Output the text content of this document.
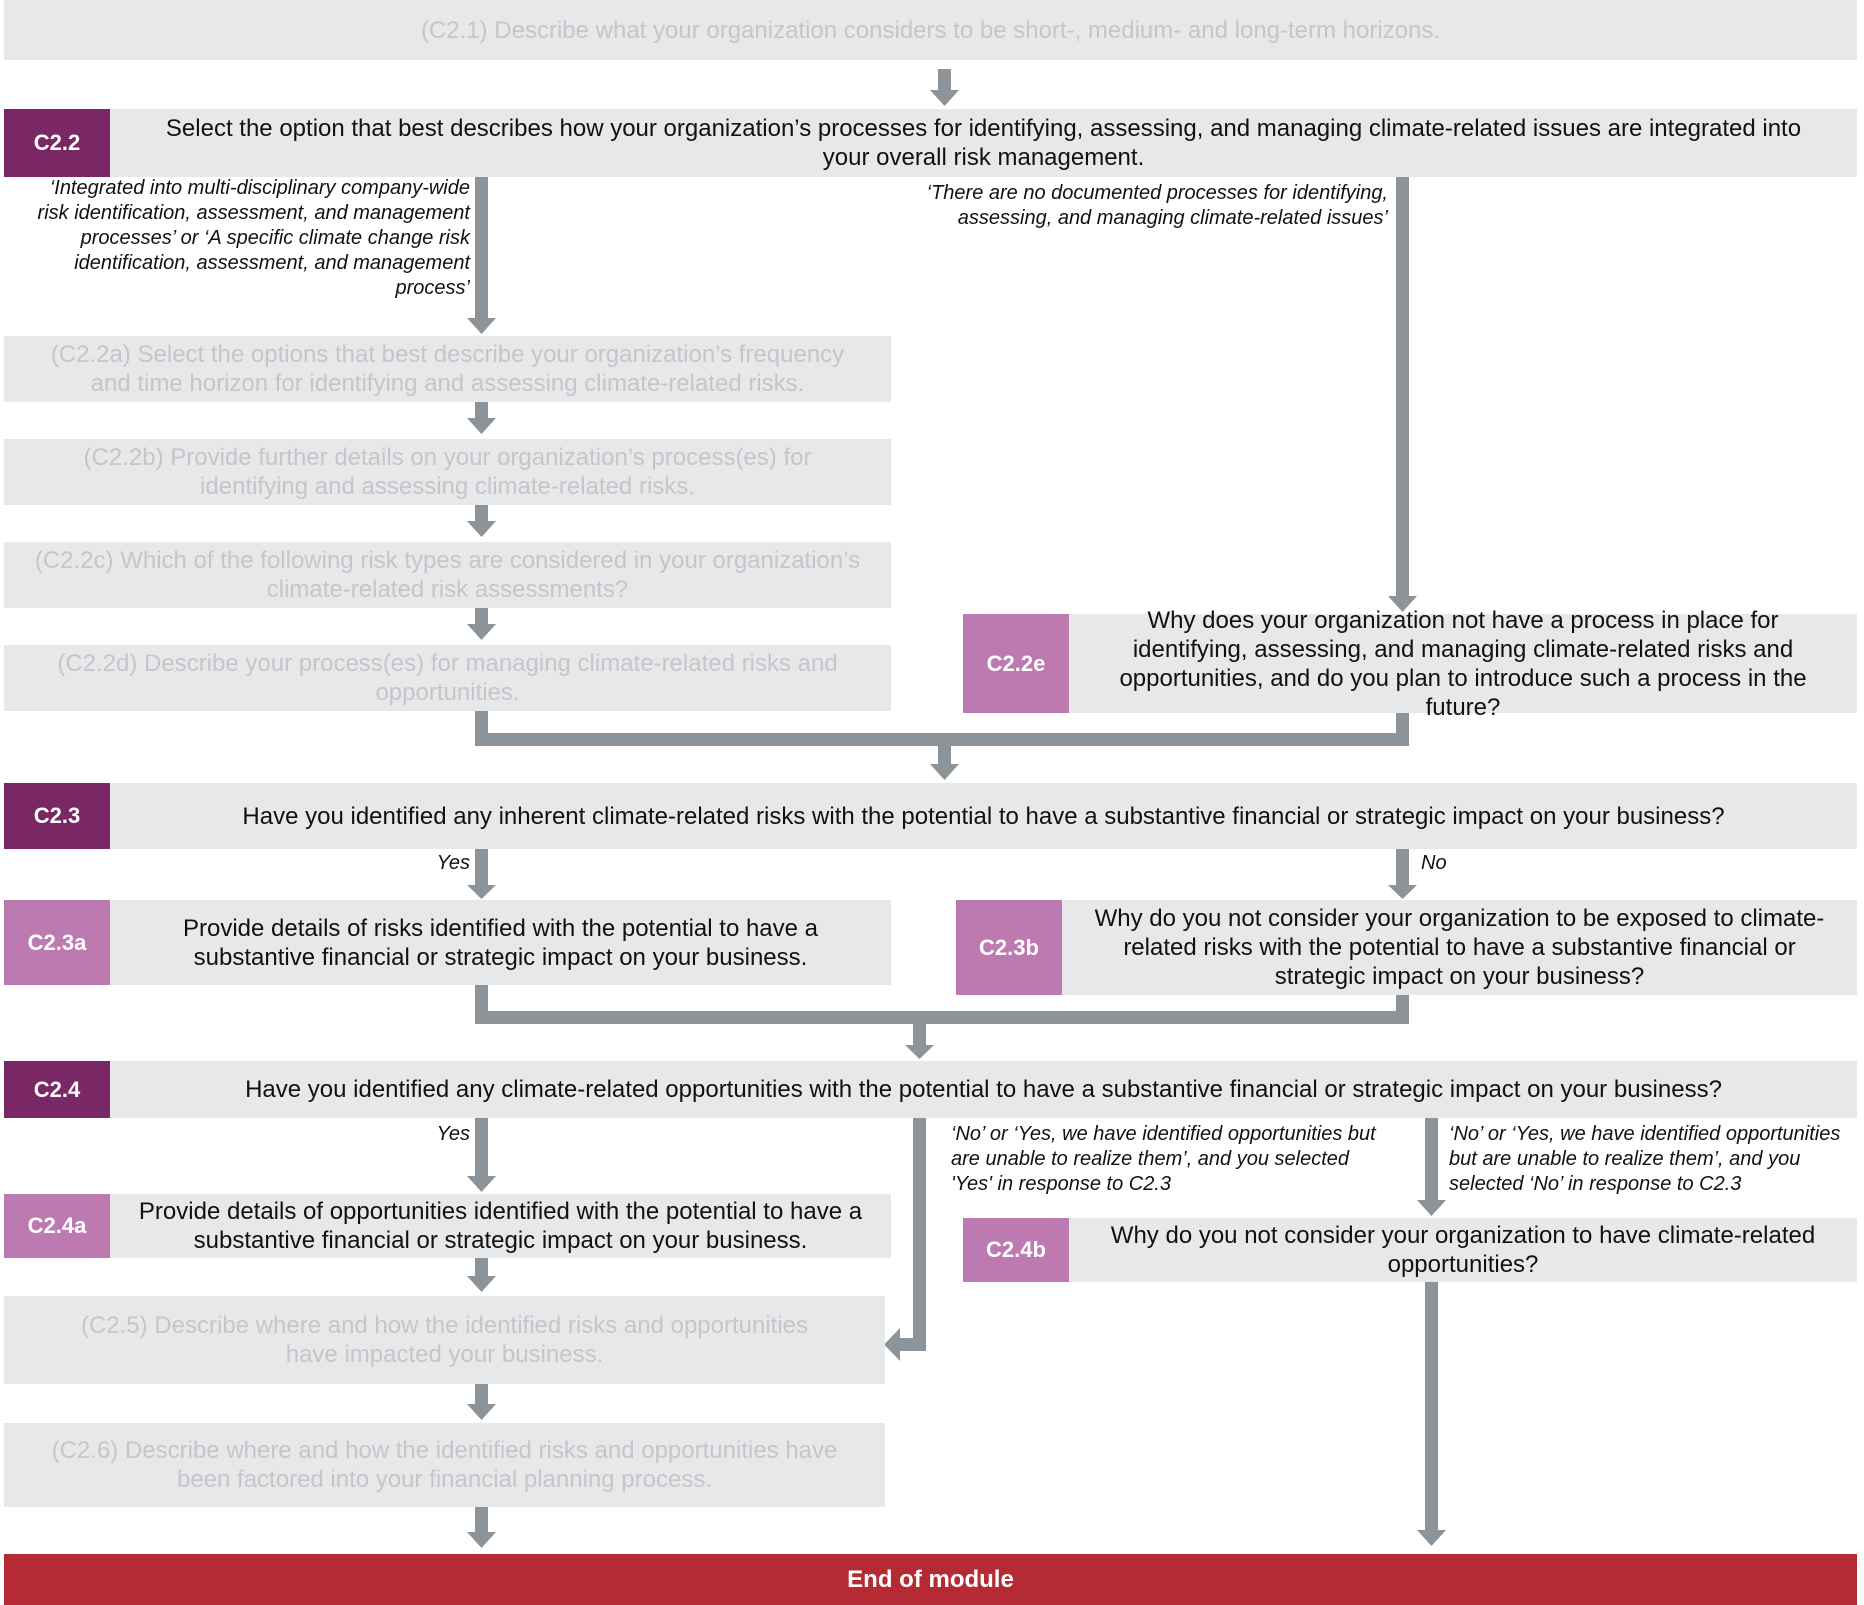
(C2.1) Describe what your organization considers to be short-, medium- and long-term horizons.
C2.2
Select the option that best describes how your organization’s processes for identifying, assessing, and managing climate-related issues are integrated into your overall risk management.
‘Integrated into multi-disciplinary company-wide risk identification, assessment, and management processes’ or ‘A specific climate change risk identification, assessment, and management process’
‘There are no documented processes for identifying, assessing, and managing climate-related issues’
(C2.2a) Select the options that best describe your organization’s frequency and time horizon for identifying and assessing climate-related risks.
(C2.2b) Provide further details on your organization’s process(es) for identifying and assessing climate-related risks.
(C2.2c) Which of the following risk types are considered in your organization’s climate-related risk assessments?
(C2.2d) Describe your process(es) for managing climate-related risks and opportunities.
C2.2e
Why does your organization not have a process in place for identifying, assessing, and managing climate-related risks and opportunities, and do you plan to introduce such a process in the future?
C2.3	Have you identified any inherent climate-related risks with the potential to have a substantive financial or strategic impact on your business?
Yes	No
C2.3a
Provide details of risks identified with the potential to have a substantive financial or strategic impact on your business.	C2.3b
Why do you not consider your organization to be exposed to climate-related risks with the potential to have a substantive financial or strategic impact on your business?
C2.4	Have you identified any climate-related opportunities with the potential to have a substantive financial or strategic impact on your business?
Yes	‘No’ or ‘Yes, we have identified opportunities but are unable to realize them’, and you selected 'Yes' in response to C2.3
‘No’ or ‘Yes, we have identified opportunities but are unable to realize them’, and you selected ‘No’ in response to C2.3
C2.4a
Provide details of opportunities identified with the potential to have a substantive financial or strategic impact on your business.	C2.4b
Why do you not consider your organization to have climate-related opportunities?
(C2.5) Describe where and how the identified risks and opportunities have impacted your business.
(C2.6) Describe where and how the identified risks and opportunities have been factored into your financial planning process.
End of module
